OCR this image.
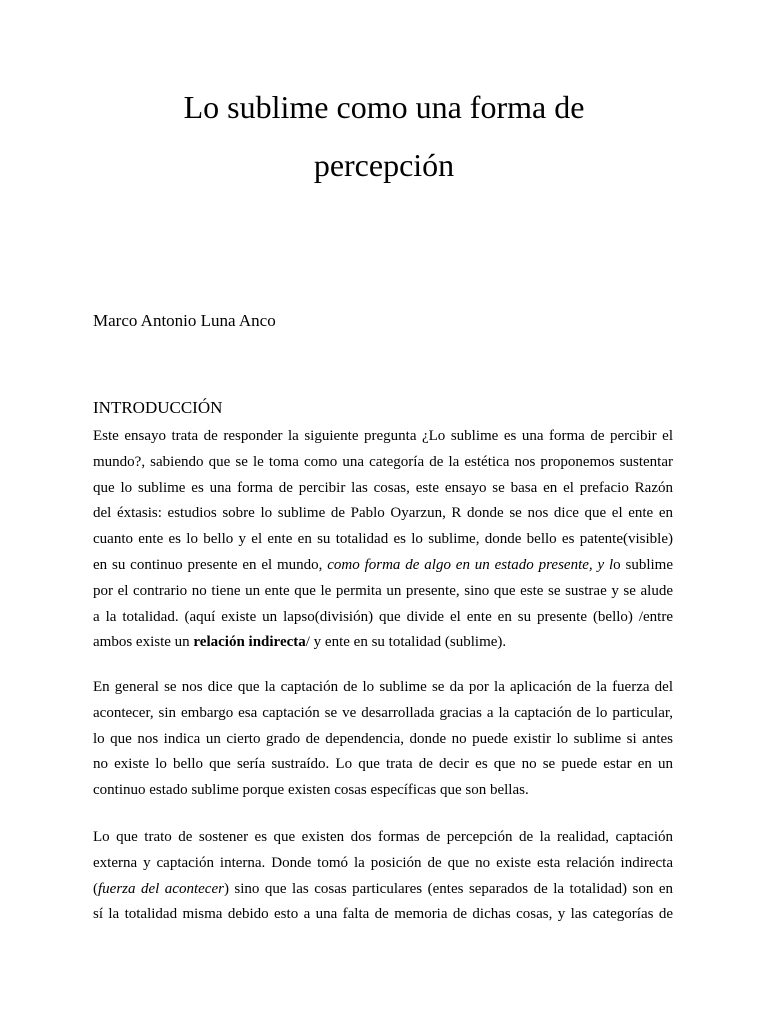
Lo sublime como una forma de
percepción

Marco Antonio Luna Anco

INTRODUCCIÓN
Este ensayo trata de responder la siguiente pregunta ¿Lo sublime es una forma de percibir el
mundo?, sabiendo que se le toma como una categoría de la estética nos proponemos sustentar
que lo sublime es una forma de percibir las cosas, este ensayo se basa en el prefacio Razón
del éxtasis: estudios sobre lo sublime de Pablo Oyarzun, R donde se nos dice que el ente en
cuanto ente es lo bello y el ente en su totalidad es lo sublime, donde bello es patente(visible)
en su continuo presente en el mundo, como forma de algo en un estado presente, y lo sublime
por el contrario no tiene un ente que le permita un presente, sino que este se sustrae y se alude
a la totalidad. (aquí existe un lapso(división) que divide el ente en su presente (bello) /entre
ambos existe un relación indirecta/ y ente en su totalidad (sublime).
En general se nos dice que la captación de lo sublime se da por la aplicación de la fuerza del
acontecer, sin embargo esa captación se ve desarrollada gracias a la captación de lo particular,
lo que nos indica un cierto grado de dependencia, donde no puede existir lo sublime si antes
no existe lo bello que sería sustraído. Lo que trata de decir es que no se puede estar en un
continuo estado sublime porque existen cosas específicas que son bellas.
Lo que trato de sostener es que existen dos formas de percepción de la realidad, captación
externa y captación interna. Donde tomó la posición de que no existe esta relación indirecta
(fuerza del acontecer) sino que las cosas particulares (entes separados de la totalidad) son en
sí la totalidad misma debido esto a una falta de memoria de dichas cosas, y las categorías de
